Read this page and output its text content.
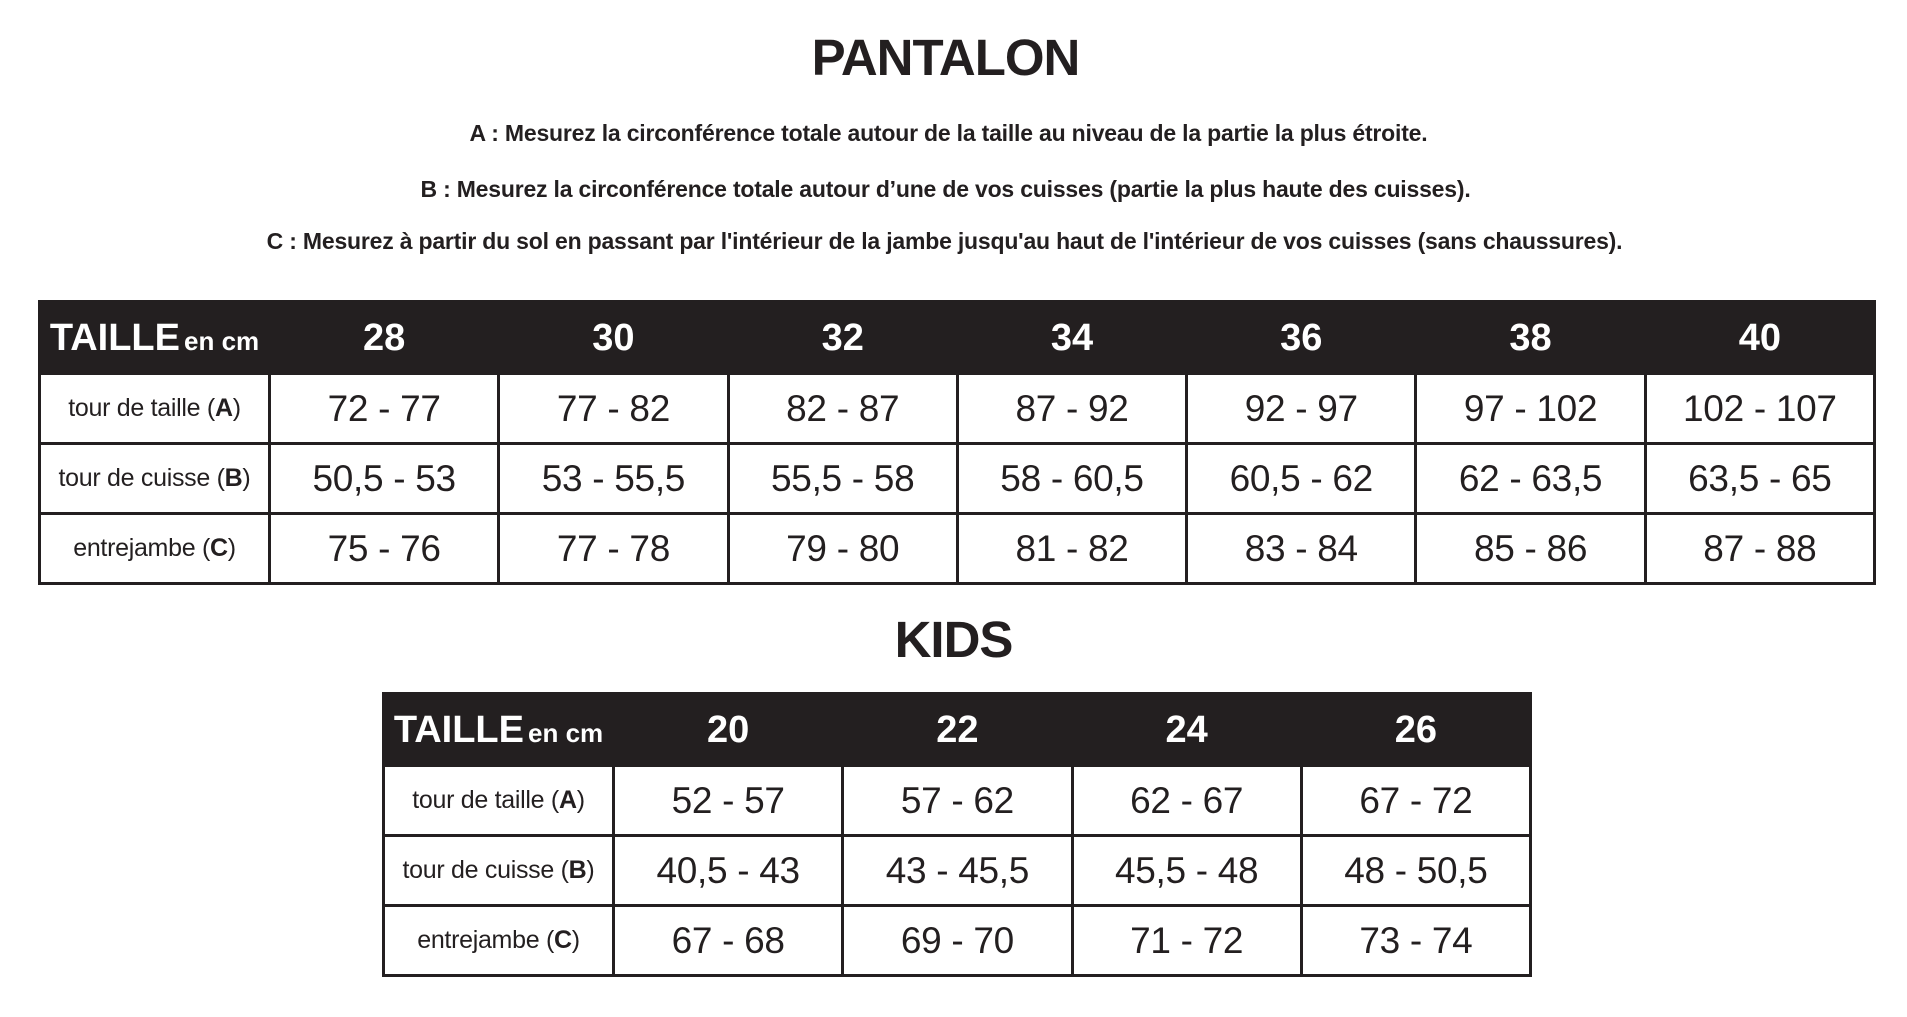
PANTALON

A : Mesurez la circonférence totale autour de la taille au niveau de la partie la plus étroite.

B : Mesurez la circonférence totale autour d’une de vos cuisses (partie la plus haute des cuisses).

C : Mesurez à partir du sol en passant par l'intérieur de la jambe jusqu'au haut de l'intérieur de vos cuisses (sans chaussures).

TAILLE en cm	28	30	32	34	36	38	40
tour de taille (A)	72 - 77	77 - 82	82 - 87	87 - 92	92 - 97	97 - 102	102 - 107
tour de cuisse (B)	50,5 - 53	53 - 55,5	55,5 - 58	58 - 60,5	60,5 - 62	62 - 63,5	63,5 - 65
entrejambe (C)	75 - 76	77 - 78	79 - 80	81 - 82	83 - 84	85 - 86	87 - 88
KIDS
TAILLE en cm	20	22	24	26
tour de taille (A)	52 - 57	57 - 62	62 - 67	67 - 72
tour de cuisse (B)	40,5 - 43	43 - 45,5	45,5 - 48	48 - 50,5
entrejambe (C)	67 - 68	69 - 70	71 - 72	73 - 74
